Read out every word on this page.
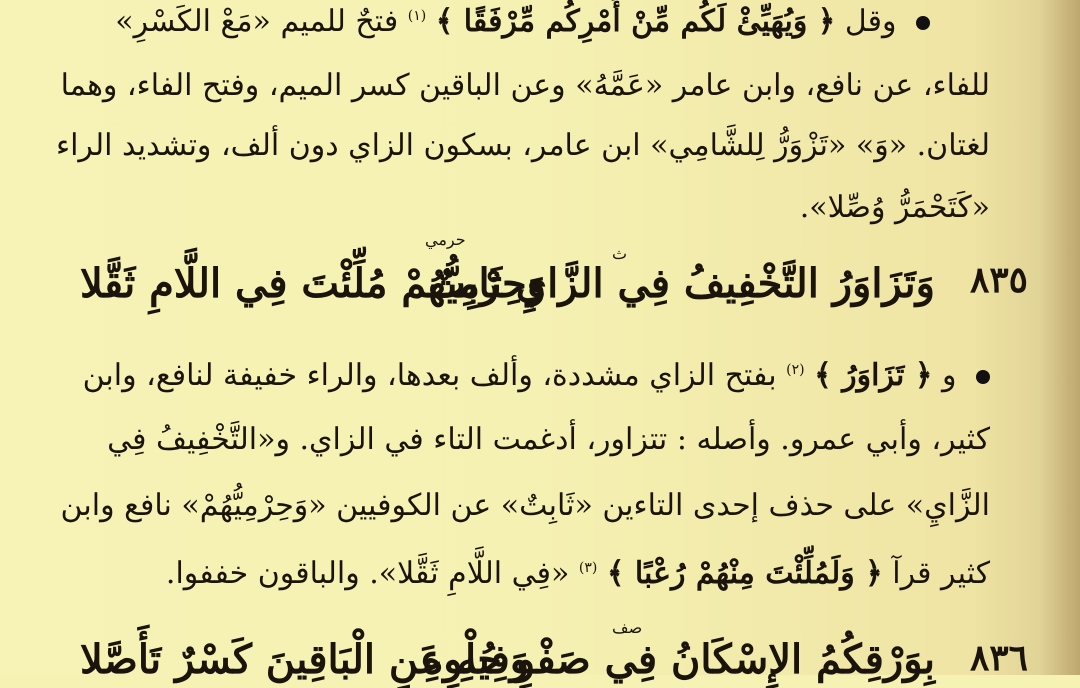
وقل ﴿ وَيُهَيِّئْ لَكُم مِّنْ أَمْرِكُم مِّرْفَقًا ﴾ $^{(١)}$ فتحٌ للميم «مَعْ الكَسْرِ»
للفاء، عن نافع، وابن عامر «عَمَّهُ» وعن الباقين كسر الميم، وفتح الفاء، وهما
لغتان. «وَ» «تَزْوَرُّ لِلشَّامِي» ابن عامر، بسكون الزاي دون ألف، وتشديد الراء
«كَتَحْمَرُّ وُصِّلا».
٨٣٥
ث
وَتَزَاوَرُ التَّخْفِيفُ فِي الزَّايِ ثَابِتٌ
حرمي
وَحِرْمِيُّهُمْ مُلِّئْتَ فِي اللَّامِ ثَقَّلا
و ﴿ تَزَاوَرُ ﴾ $^{(٢)}$ بفتح الزاي مشددة، وألف بعدها، والراء خفيفة لنافع، وابن
كثير، وأبي عمرو. وأصله : تتزاور، أدغمت التاء في الزاي. و«التَّخْفِيفُ فِي
الزَّايِ» على حذف إحدى التاءين «ثَابِتٌ» عن الكوفيين «وَحِرْمِيُّهُمْ» نافع وابن
كثير قرآ ﴿ وَلَمُلِّئْتَ مِنْهُمْ رُعْبًا ﴾ $^{(٣)}$ «فِي اللَّامِ ثَقَّلا». والباقون خففوا.
٨٣٦
صف
بِوَرْقِكُمُ الإِسْكَانُ فِي صَفْوِ حُلْوِهِ
وَفِيهِ عَنِ الْبَاقِينَ كَسْرٌ تَأَصَّلا
